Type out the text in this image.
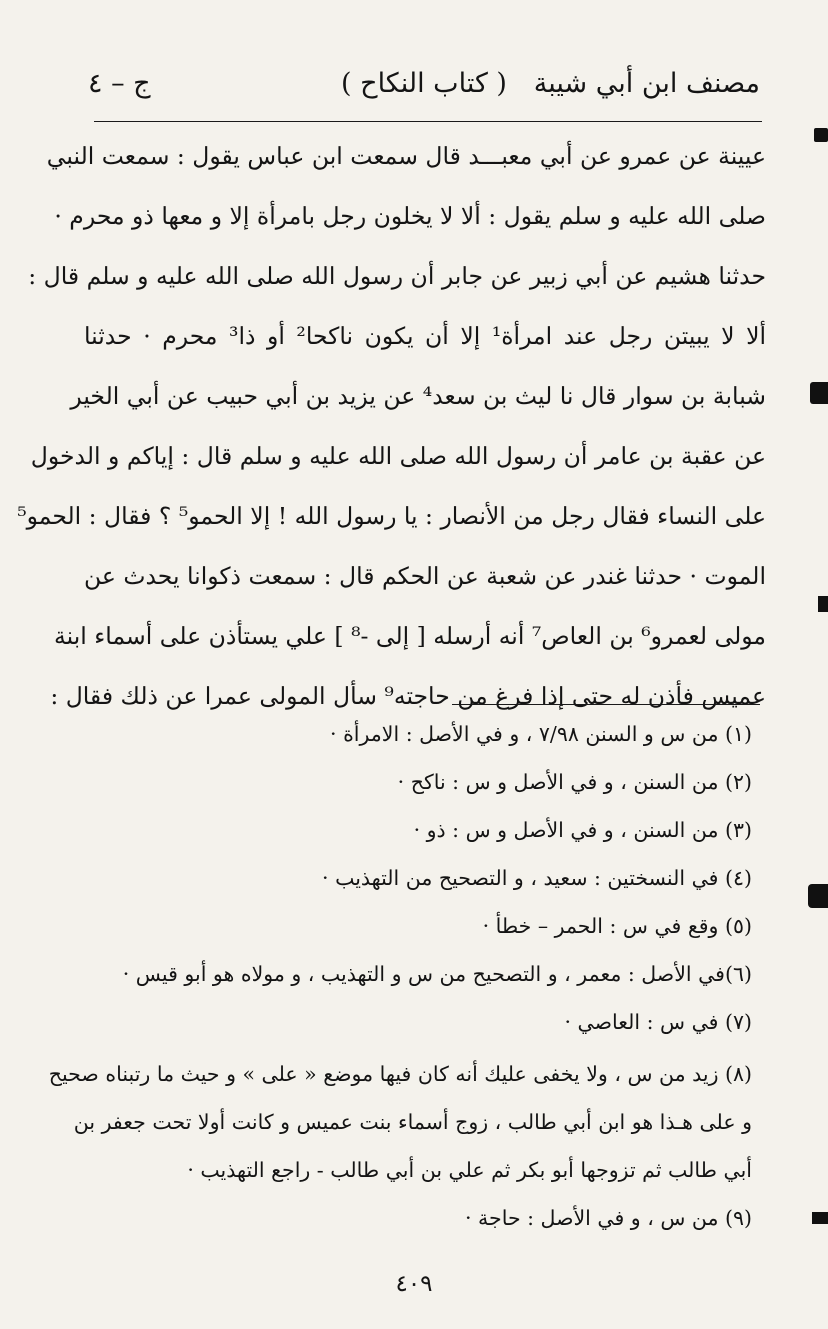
مصنف ابن أبي شيبة
( كتاب النكاح )
ج – ٤
عيينة عن عمرو عن أبي معبـــد قال سمعت ابن عباس يقول : سمعت النبي
صلى الله عليه و سلم يقول : ألا لا يخلون رجل بامرأة إلا و معها ذو محرم ·
حدثنا هشيم عن أبي زبير عن جابر أن رسول الله صلى الله عليه و سلم قال :
ألا لا يبيتن رجل عند امرأة¹ إلا أن يكون ناكحا² أو ذا³ محرم · حدثنا
شبابة بن سوار قال نا ليث بن سعد⁴ عن يزيد بن أبي حبيب عن أبي الخير
عن عقبة بن عامر أن رسول الله صلى الله عليه و سلم قال : إياكم و الدخول
على النساء فقال رجل من الأنصار : يا رسول الله ! إلا الحمو⁵ ؟ فقال : الحمو⁵
الموت · حدثنا غندر عن شعبة عن الحكم قال : سمعت ذكوانا يحدث عن
مولى لعمرو⁶ بن العاص⁷ أنه أرسله [ إلى -⁸ ] علي يستأذن على أسماء ابنة
عميس فأذن له حتى إذا فرغ من حاجته⁹ سأل المولى عمرا عن ذلك فقال :
(١) من س و السنن ٧/٩٨ ، و في الأصل : الامرأة ·
(٢) من السنن ، و في الأصل و س : ناكح ·
(٣) من السنن ، و في الأصل و س : ذو ·
(٤) في النسختين : سعيد ، و التصحيح من التهذيب ·
(٥) وقع في س : الحمر – خطأ ·
(٦)في الأصل : معمر ، و التصحيح من س و التهذيب ، و مولاه هو أبو قيس ·
(٧) في س : العاصي ·
(٨) زيد من س ، ولا يخفى عليك أنه كان فيها موضع « على » و حيث ما رتبناه صحيح
و على هـذا هو ابن أبي طالب ، زوج أسماء بنت عميس و كانت أولا تحت جعفر بن
أبي طالب ثم تزوجها أبو بكر ثم علي بن أبي طالب - راجع التهذيب ·
(٩) من س ، و في الأصل : حاجة ·
٤٠٩
